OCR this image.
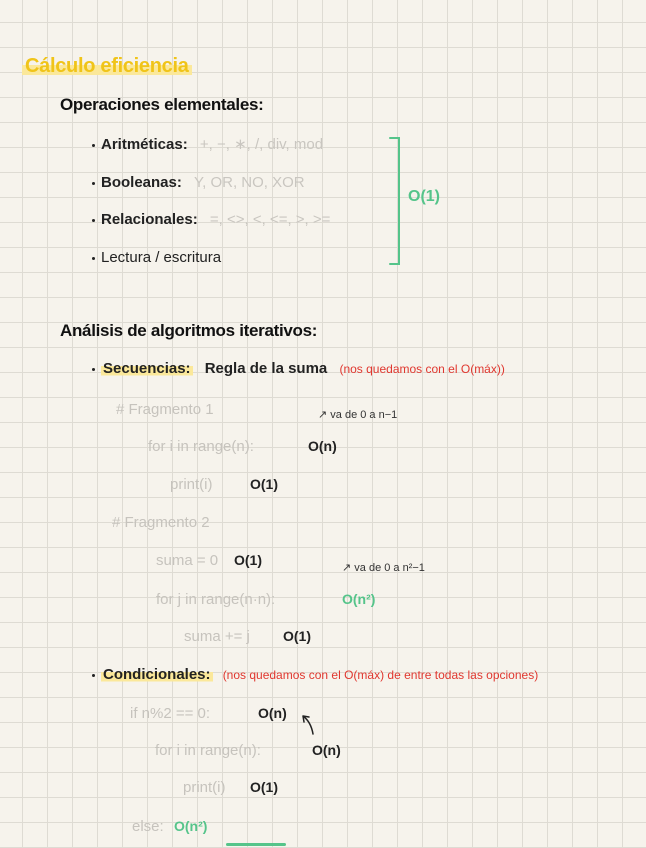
Cálculo eficiencia
Operaciones elementales:
Aritméticas: +, −, ∗, /, div, mod
Booleanas: Y, OR, NO, XOR
Relacionales: =, <>, <, <=, >, >=
Lectura / escritura
O(1)
Análisis de algoritmos iterativos:
Secuencias: Regla de la suma (nos quedamos con el O(máx))
# Fragmento 1	↗ va de 0 a n−1
for i in range(n):	O(n)
print(i)	O(1)
# Fragmento 2
suma = 0 O(1)	↗ va de 0 a n²−1
for j in range(n·n):	O(n²)
suma += j O(1)
Condicionales: (nos quedamos con el O(máx) de entre todas las opciones)
if n%2 == 0:	O(n)
for i in range(n):	O(n)
print(i) O(1)
else: O(n²)
